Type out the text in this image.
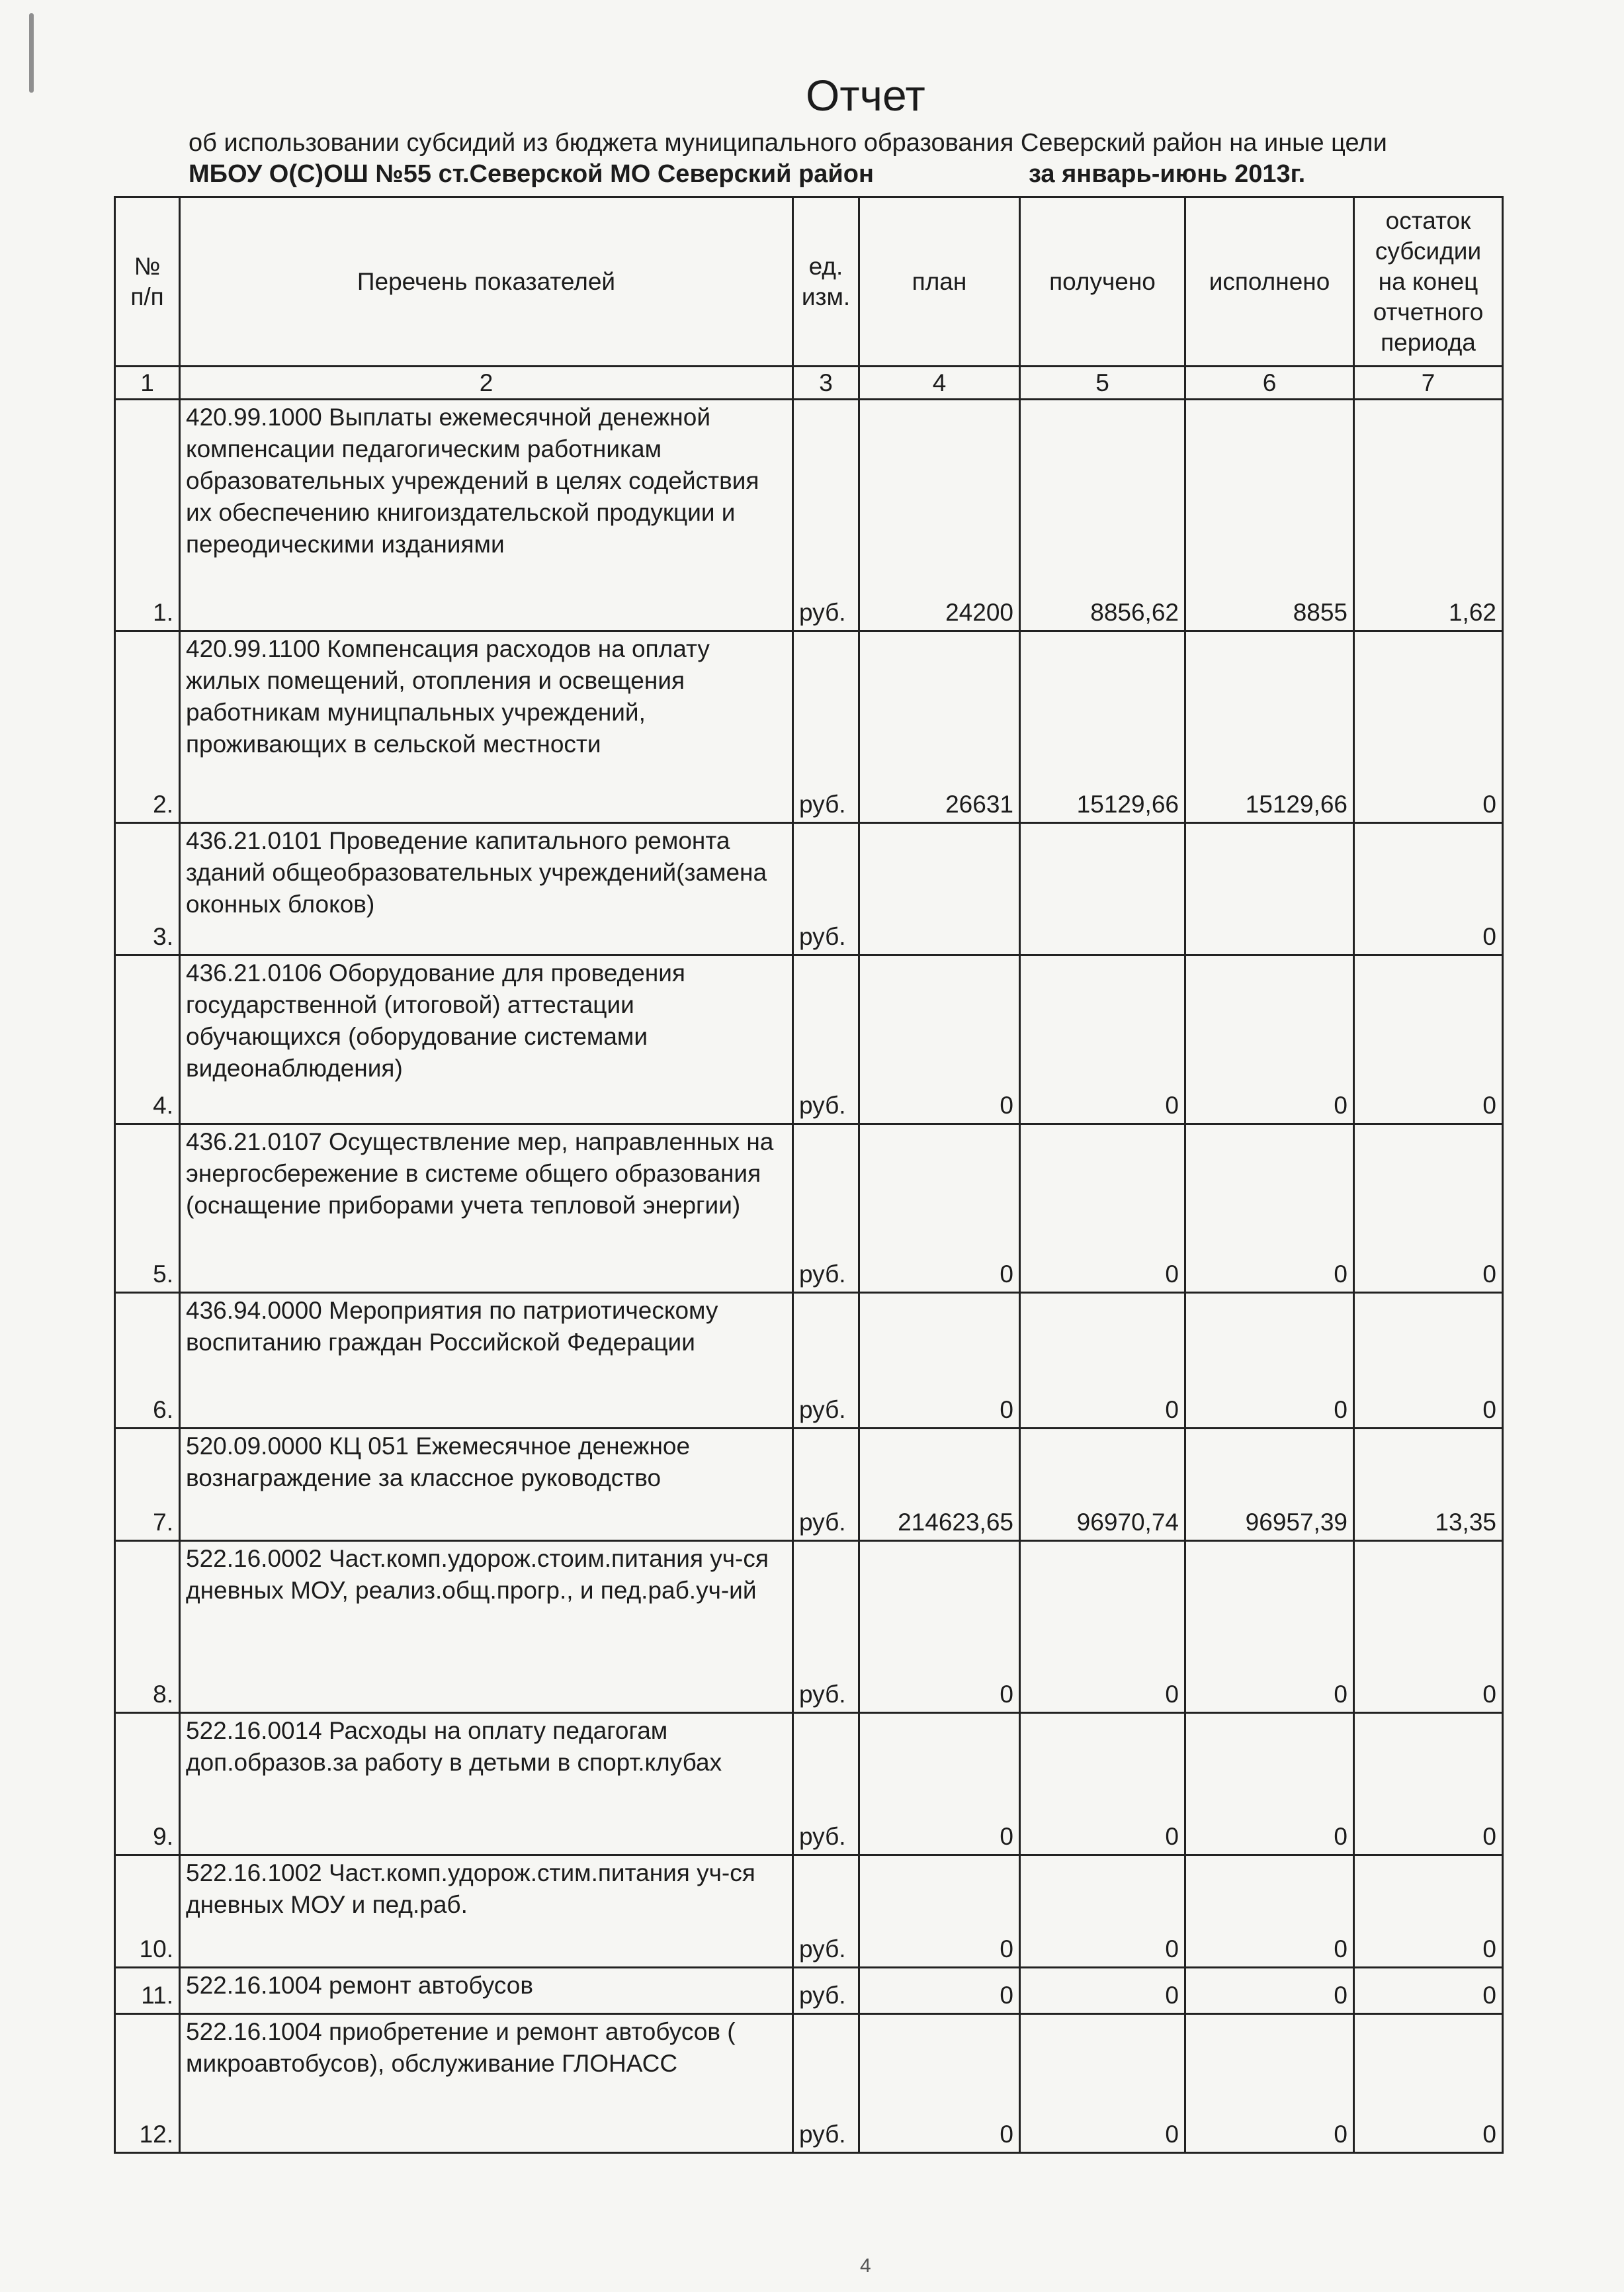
Отчет
об использовании субсидий из бюджета муниципального образования Северский район на иные цели
МБОУ О(С)ОШ №55 ст.Северской МО Северский район	за январь-июнь 2013г.
№ п/п	Перечень показателей	ед. изм.	план	получено	исполнено	остаток субсидии на конец отчетного периода
1	2	3	4	5	6	7
1.	420.99.1000 Выплаты ежемесячной денежной компенсации педагогическим работникам образовательных учреждений в целях содействия их обеспечению книгоиздательской продукции и переодическими изданиями	руб.	24200	8856,62	8855	1,62
2.	420.99.1100 Компенсация расходов на оплату жилых помещений, отопления и освещения работникам муницпальных учреждений, проживающих в сельской местности	руб.	26631	15129,66	15129,66	0
3.	436.21.0101 Проведение капитального ремонта зданий общеобразовательных учреждений(замена оконных блоков)	руб.				0
4.	436.21.0106 Оборудование для проведения государственной (итоговой) аттестации обучающихся (оборудование системами видеонаблюдения)	руб.	0	0	0	0
5.	436.21.0107 Осуществление мер, направленных на энергосбережение в системе общего образования (оснащение приборами учета тепловой энергии)	руб.	0	0	0	0
6.	436.94.0000 Мероприятия по патриотическому воспитанию граждан Российской Федерации	руб.	0	0	0	0
7.	520.09.0000 КЦ 051 Ежемесячное денежное вознаграждение за классное руководство	руб.	214623,65	96970,74	96957,39	13,35
8.	522.16.0002 Част.комп.удорож.стоим.питания уч-ся дневных МОУ, реализ.общ.прогр., и пед.раб.уч-ий	руб.	0	0	0	0
9.	522.16.0014 Расходы на оплату педагогам доп.образов.за работу в детьми в спорт.клубах	руб.	0	0	0	0
10.	522.16.1002 Част.комп.удорож.стим.питания уч-ся дневных МОУ и пед.раб.	руб.	0	0	0	0
11.	522.16.1004 ремонт автобусов	руб.	0	0	0	0
12.	522.16.1004 приобретение и ремонт автобусов ( микроавтобусов), обслуживание ГЛОНАСС	руб.	0	0	0	0
4
